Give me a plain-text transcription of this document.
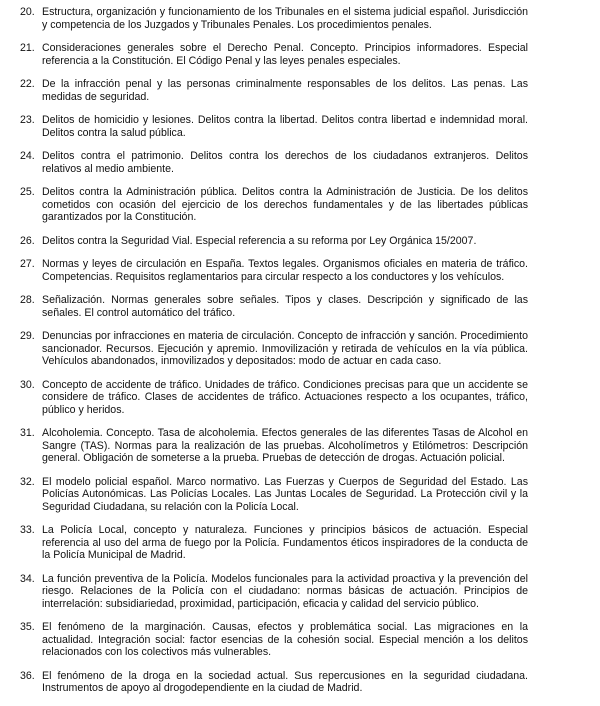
20. Estructura, organización y funcionamiento de los Tribunales en el sistema judicial español. Jurisdicción y competencia de los Juzgados y Tribunales Penales. Los procedimientos penales.
21. Consideraciones generales sobre el Derecho Penal. Concepto. Principios informadores. Especial referencia a la Constitución. El Código Penal y las leyes penales especiales.
22. De la infracción penal y las personas criminalmente responsables de los delitos. Las penas. Las medidas de seguridad.
23. Delitos de homicidio y lesiones. Delitos contra la libertad. Delitos contra libertad e indemnidad moral. Delitos contra la salud pública.
24. Delitos contra el patrimonio. Delitos contra los derechos de los ciudadanos extranjeros. Delitos relativos al medio ambiente.
25. Delitos contra la Administración pública. Delitos contra la Administración de Justicia. De los delitos cometidos con ocasión del ejercicio de los derechos fundamentales y de las libertades públicas garantizados por la Constitución.
26. Delitos contra la Seguridad Vial. Especial referencia a su reforma por Ley Orgánica 15/2007.
27. Normas y leyes de circulación en España. Textos legales. Organismos oficiales en materia de tráfico. Competencias. Requisitos reglamentarios para circular respecto a los conductores y los vehículos.
28. Señalización. Normas generales sobre señales. Tipos y clases. Descripción y significado de las señales. El control automático del tráfico.
29. Denuncias por infracciones en materia de circulación. Concepto de infracción y sanción. Procedimiento sancionador. Recursos. Ejecución y apremio. Inmovilización y retirada de vehículos en la vía pública. Vehículos abandonados, inmovilizados y depositados: modo de actuar en cada caso.
30. Concepto de accidente de tráfico. Unidades de tráfico. Condiciones precisas para que un accidente se considere de tráfico. Clases de accidentes de tráfico. Actuaciones respecto a los ocupantes, tráfico, público y heridos.
31. Alcoholemia. Concepto. Tasa de alcoholemia. Efectos generales de las diferentes Tasas de Alcohol en Sangre (TAS). Normas para la realización de las pruebas. Alcoholímetros y Etilómetros: Descripción general. Obligación de someterse a la prueba. Pruebas de detección de drogas. Actuación policial.
32. El modelo policial español. Marco normativo. Las Fuerzas y Cuerpos de Seguridad del Estado. Las Policías Autonómicas. Las Policías Locales. Las Juntas Locales de Seguridad. La Protección civil y la Seguridad Ciudadana, su relación con la Policía Local.
33. La Policía Local, concepto y naturaleza. Funciones y principios básicos de actuación. Especial referencia al uso del arma de fuego por la Policía. Fundamentos éticos inspiradores de la conducta de la Policía Municipal de Madrid.
34. La función preventiva de la Policía. Modelos funcionales para la actividad proactiva y la prevención del riesgo. Relaciones de la Policía con el ciudadano: normas básicas de actuación. Principios de interrelación: subsidiariedad, proximidad, participación, eficacia y calidad del servicio público.
35. El fenómeno de la marginación. Causas, efectos y problemática social. Las migraciones en la actualidad. Integración social: factor esencias de la cohesión social. Especial mención a los delitos relacionados con los colectivos más vulnerables.
36. El fenómeno de la droga en la sociedad actual. Sus repercusiones en la seguridad ciudadana. Instrumentos de apoyo al drogodependiente en la ciudad de Madrid.
